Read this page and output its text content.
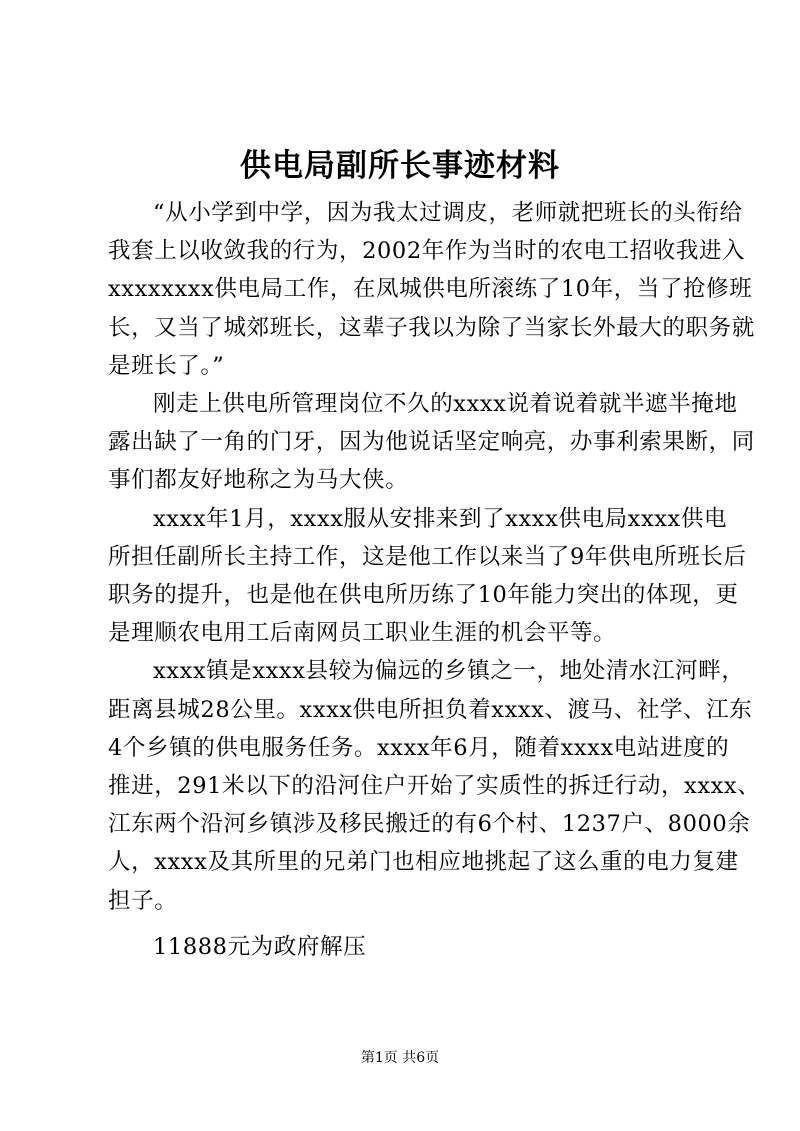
供电局副所长事迹材料
“从小学到中学，因为我太过调皮，老师就把班长的头衔给
我套上以收敛我的行为，2002年作为当时的农电工招收我进入
xxxxxxxx供电局工作，在凤城供电所滚练了10年，当了抢修班
长，又当了城郊班长，这辈子我以为除了当家长外最大的职务就
是班长了。”
刚走上供电所管理岗位不久的xxxx说着说着就半遮半掩地
露出缺了一角的门牙，因为他说话坚定响亮，办事利索果断，同
事们都友好地称之为马大侠。
xxxx年1月，xxxx服从安排来到了xxxx供电局xxxx供电
所担任副所长主持工作，这是他工作以来当了9年供电所班长后
职务的提升，也是他在供电所历练了10年能力突出的体现，更
是理顺农电用工后南网员工职业生涯的机会平等。
xxxx镇是xxxx县较为偏远的乡镇之一，地处清水江河畔，
距离县城28公里。xxxx供电所担负着xxxx、渡马、社学、江东
4个乡镇的供电服务任务。xxxx年6月，随着xxxx电站进度的
推进，291米以下的沿河住户开始了实质性的拆迁行动，xxxx、
江东两个沿河乡镇涉及移民搬迁的有6个村、1237户、8000余
人，xxxx及其所里的兄弟门也相应地挑起了这么重的电力复建
担子。
11888元为政府解压
第1页 共6页
